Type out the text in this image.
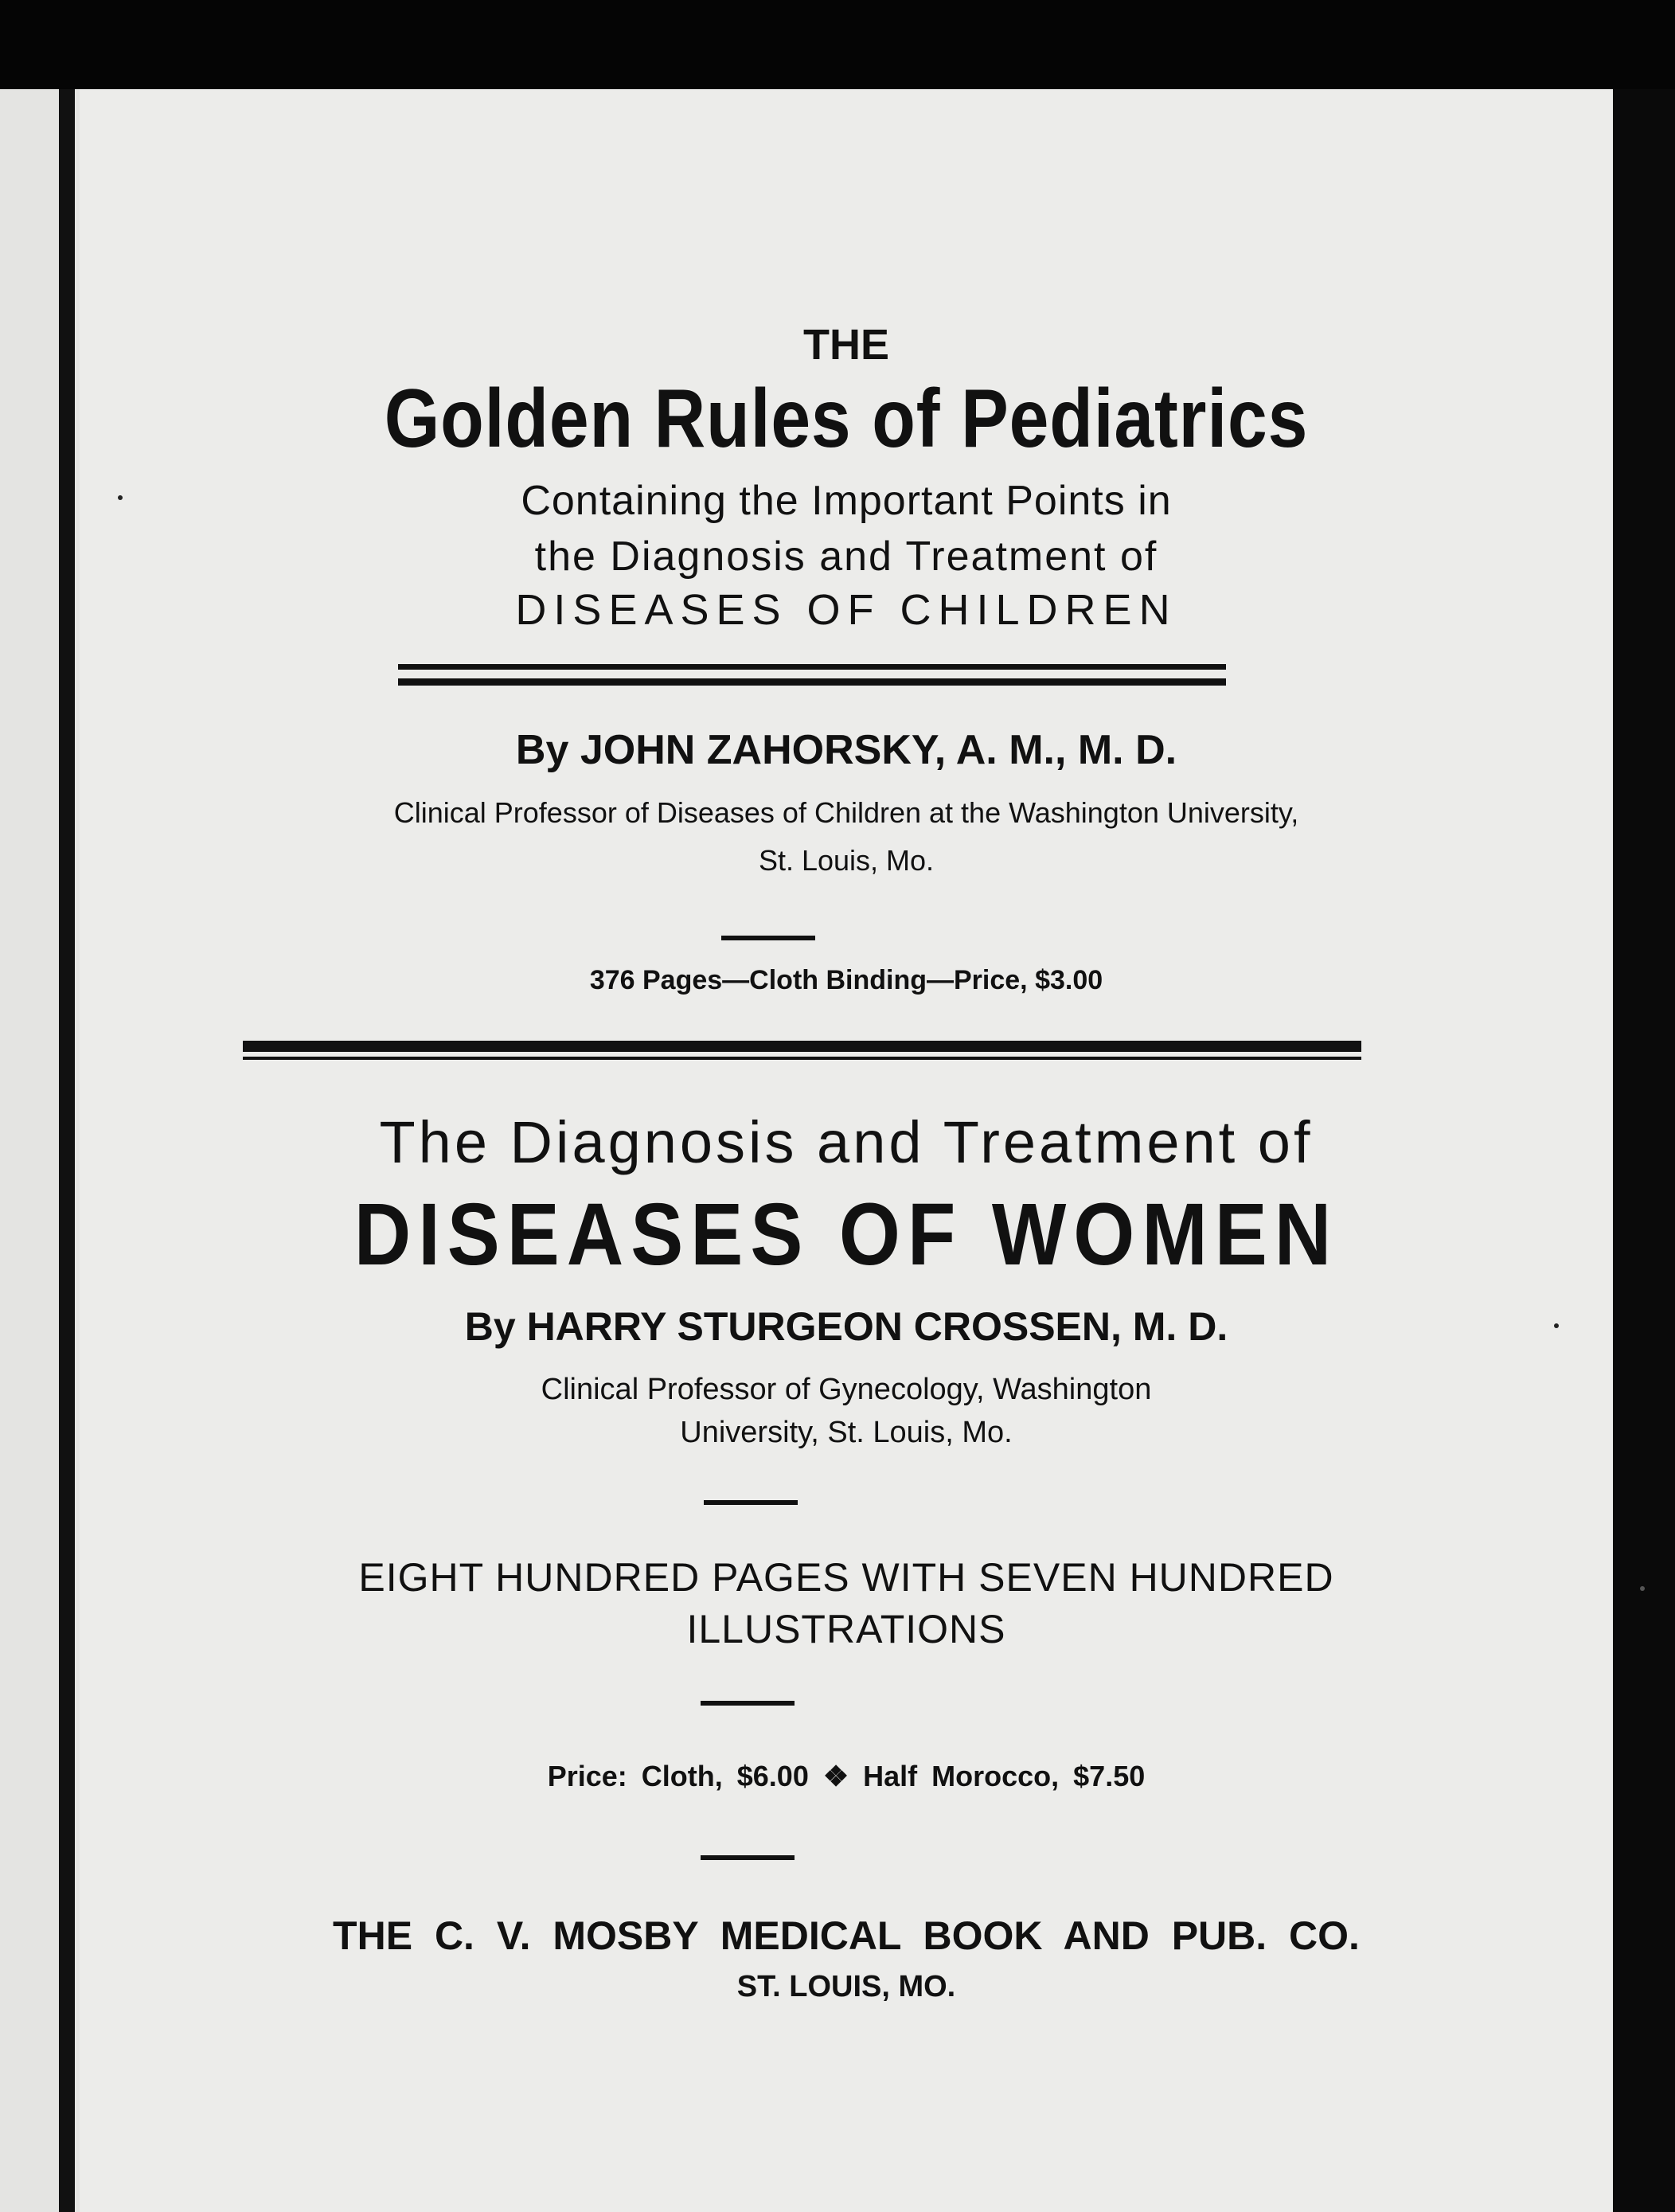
THE
Golden Rules of Pediatrics
Containing the Important Points in
the Diagnosis and Treatment of
DISEASES OF CHILDREN
By JOHN ZAHORSKY, A. M., M. D.
Clinical Professor of Diseases of Children at the Washington University,
St. Louis, Mo.
376 Pages—Cloth Binding—Price, $3.00
The Diagnosis and Treatment of
DISEASES OF WOMEN
By HARRY STURGEON CROSSEN, M. D.
Clinical Professor of Gynecology, Washington
University, St. Louis, Mo.
EIGHT HUNDRED PAGES WITH SEVEN HUNDRED
ILLUSTRATIONS
Price: Cloth, $6.00 ❖ Half Morocco, $7.50
THE C. V. MOSBY MEDICAL BOOK AND PUB. CO.
ST. LOUIS, MO.
